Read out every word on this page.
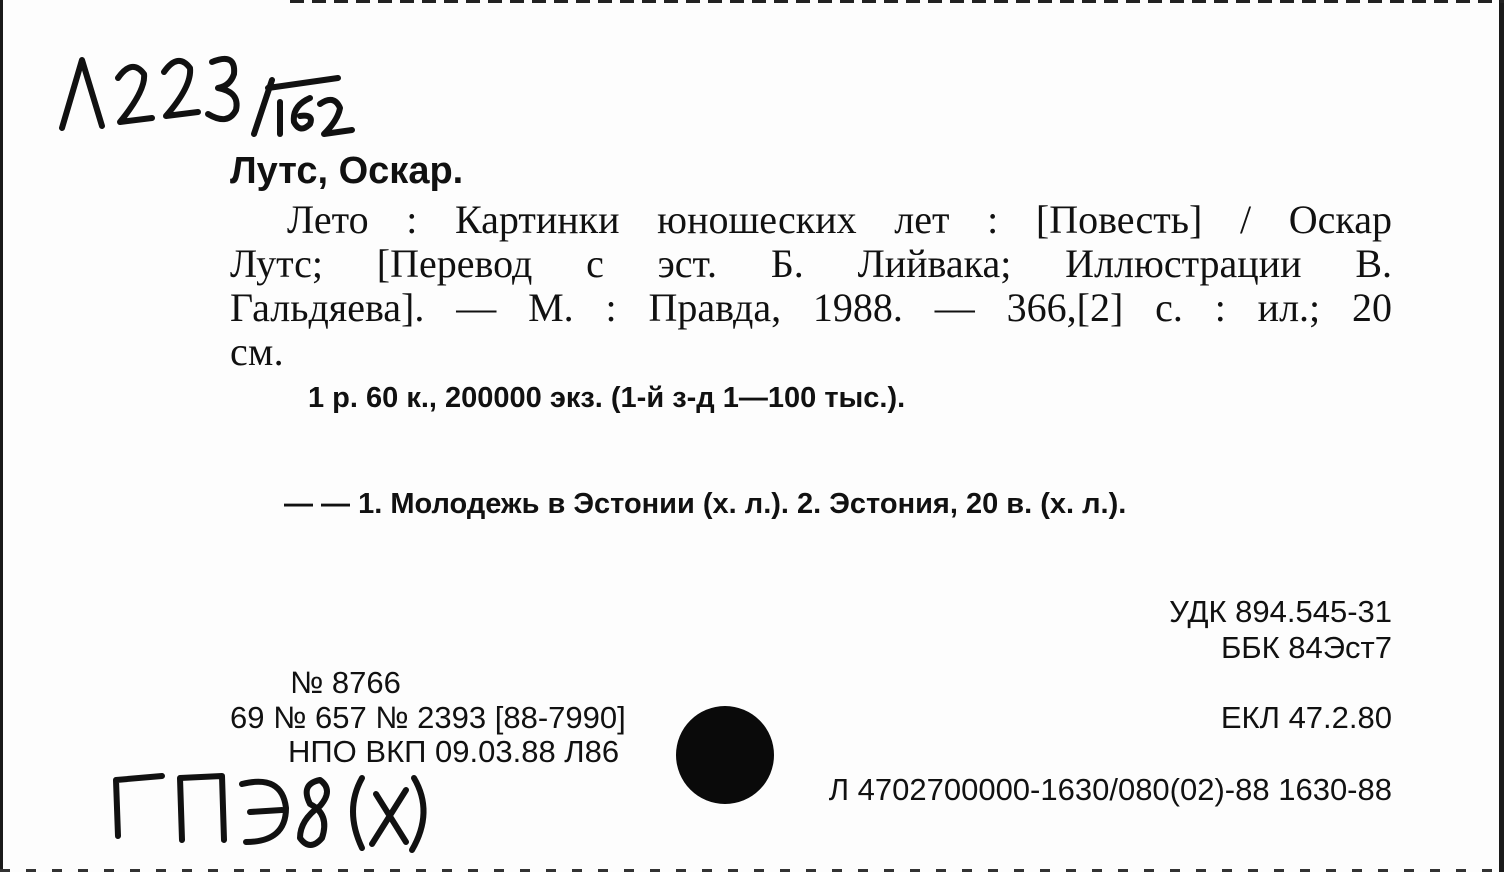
Лутс, Оскар.
Лето : Картинки юношеских лет : [Повесть] / Оскар
Лутс; [Перевод с эст. Б. Лийвака; Иллюстрации В.
Гальдяева]. — М. : Правда, 1988. — 366,[2] с. : ил.; 20
см.
1 р. 60 к., 200000 экз. (1-й з-д 1—100 тыс.).
— — 1. Молодежь в Эстонии (х. л.). 2. Эстония, 20 в. (х. л.).
УДК 894.545-31
ББК 84Эст7
№ 8766
69 № 657 № 2393 [88-7990]
НПО ВКП 09.03.88 Л86
ЕКЛ 47.2.80
Л 4702700000-1630/080(02)-88 1630-88
